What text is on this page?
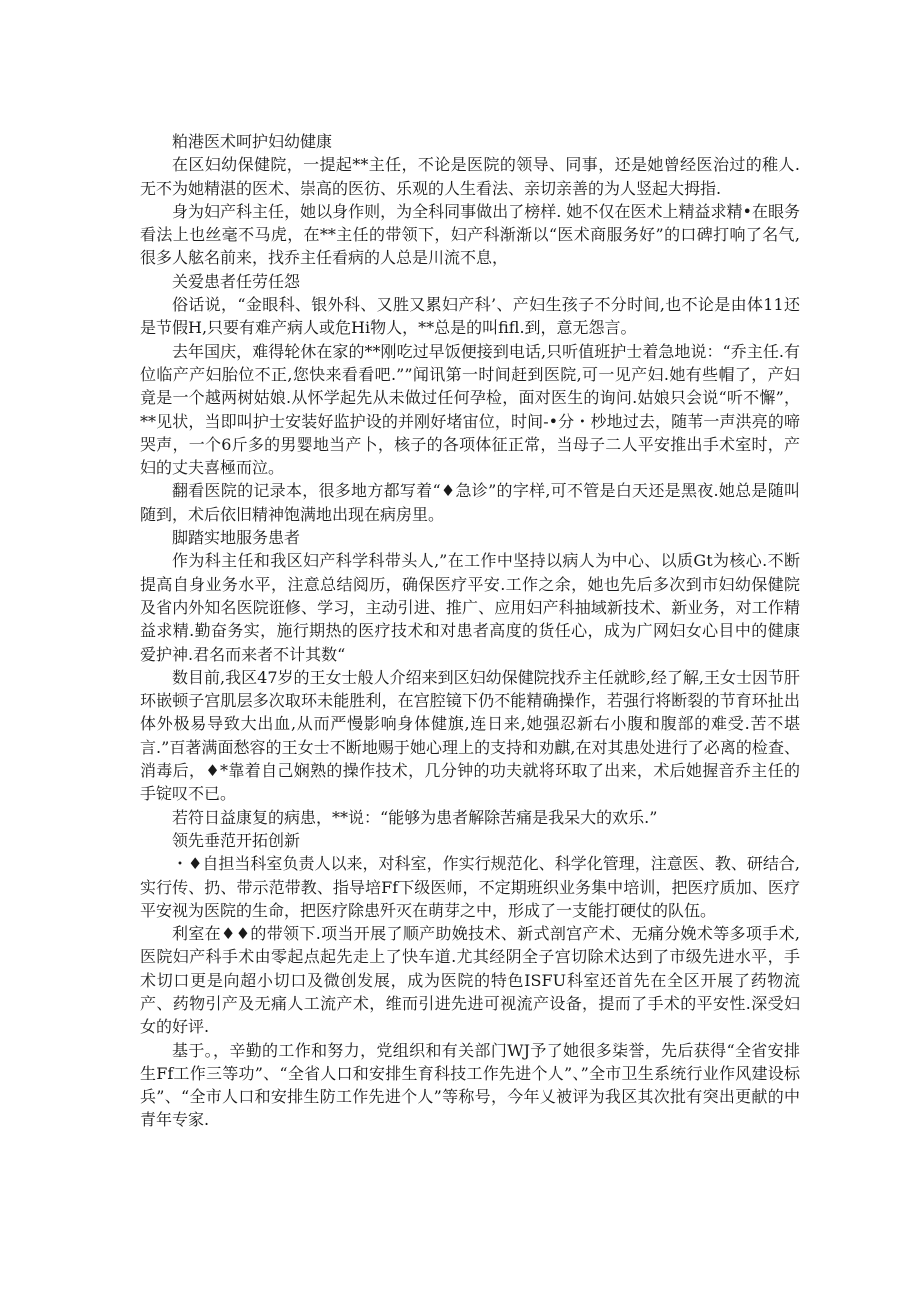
粕港医术呵护妇幼健康

在区妇幼保健院，一提起**主任，不论是医院的领导、同事，还是她曾经医治过的稚人.无不为她精湛的医术、崇高的医彷、乐观的人生看法、亲切亲善的为人竖起大拇指.

身为妇产科主任，她以身作则，为全科同事做出了榜样. 她不仅在医术上精益求精•在眼务看法上也丝毫不马虎，在**主任的带领下，妇产科渐渐以“医术商服务好”的口碑打响了名气,很多人舷名前来，找乔主任看病的人总是川流不息，

关爱患者任劳任怨

俗话说，“金眼科、银外科、又胜又累妇产科’、产妇生孩子不分时间,也不论是由体11还是节假H,只要有难产病人或危Hi物人，**总是的叫fifl.到，意无怨言。

去年国庆，难得轮休在家的**刚吃过早饭便接到电话,只听值班护士着急地说：“乔主任.有位临产产妇胎位不正,您快来看看吧.””闻讯第一时间赶到医院,可一见产妇.她有些帽了，产妇竟是一个越两树姑娘.从怀学起先从未做过任何孕检，面对医生的询问.姑娘只会说“听不懈”，**见状，当即叫护士安装好监护设的并刚好堵宙位，时间-•分・杪地过去，随苇一声洪亮的啼哭声，一个6斤多的男婴地当产卜，核子的各项体征正常，当母子二人平安推出手术室时，产妇的丈夫喜極而泣。

翻看医院的记录本，很多地方都写着“♦急诊”的字样,可不管是白天还是黑夜.她总是随叫随到，术后依旧精神饱满地出现在病房里。

脚踏实地服务患者

作为科主任和我区妇产科学科带头人,”在工作中坚持以病人为中心、以质Gt为核心.不断提高自身业务水平，注意总结阅历，确保医疗平安.工作之余，她也先后多次到市妇幼保健院及省内外知名医院诳修、学习，主动引进、推广、应用妇产科抽域新技术、新业务，对工作精益求精.勤奋务实，施行期热的医疗技术和对患者高度的货任心，成为广网妇女心目中的健康爱护神.君名而来者不计其数“

数目前,我区47岁的王女士般人介绍来到区妇幼保健院找乔主任就畛,经了解,王女士因节肝环嵌顿子宫肌层多次取环未能胜利，在宫腔镜下仍不能精确操作，若强行将断裂的节育环扯出体外极易导致大出血,从而严慢影响身体健旗,连日来,她强忍新右小腹和腹部的难受.苦不堪言.”百著满面愁容的王女士不断地赐于她心理上的支持和劝麒,在对其患处进行了必离的检查、消毒后，♦*靠着自己娴熟的操作技术，几分钟的功夫就将环取了出来，术后她握音乔主任的手锭叹不已。

若符日益康复的病患，**说：“能够为患者解除苦痛是我呆大的欢乐.”

领先垂范开拓创新

・♦自担当科室负责人以来，对科室，作实行规范化、科学化管理，注意医、教、研结合,实行传、扔、带示范带教、指导培Ff下级医师，不定期班织业务集中培训，把医疗质加、医疗平安视为医院的生命，把医疗除患歼灭在萌芽之中，形成了一支能打硬仗的队伍。

利室在♦♦的带领下.项当开展了顺产助娩技术、新式剖宫产术、无痛分娩术等多项手术,医院妇产科手术由零起点起先走上了快车道.尤其经阴全子宫切除术达到了市级先进水平，手术切口更是向超小切口及微创发展，成为医院的特色ISFU科室还首先在全区开展了药物流产、药物引产及无痛人工流产术，维而引进先进可视流产设备，提而了手术的平安性.深受妇女的好评.

基于。，辛勤的工作和努力，党组织和有关部门WJ予了她很多柒誉，先后获得“全省安排生Ff工作三等功”、“全省人口和安排生育科技工作先进个人”、”全市卫生系统行业作风建设标兵”、“全市人口和安排生防工作先进个人”等称号，今年乂被评为我区其次批有突出更献的中青年专家.
